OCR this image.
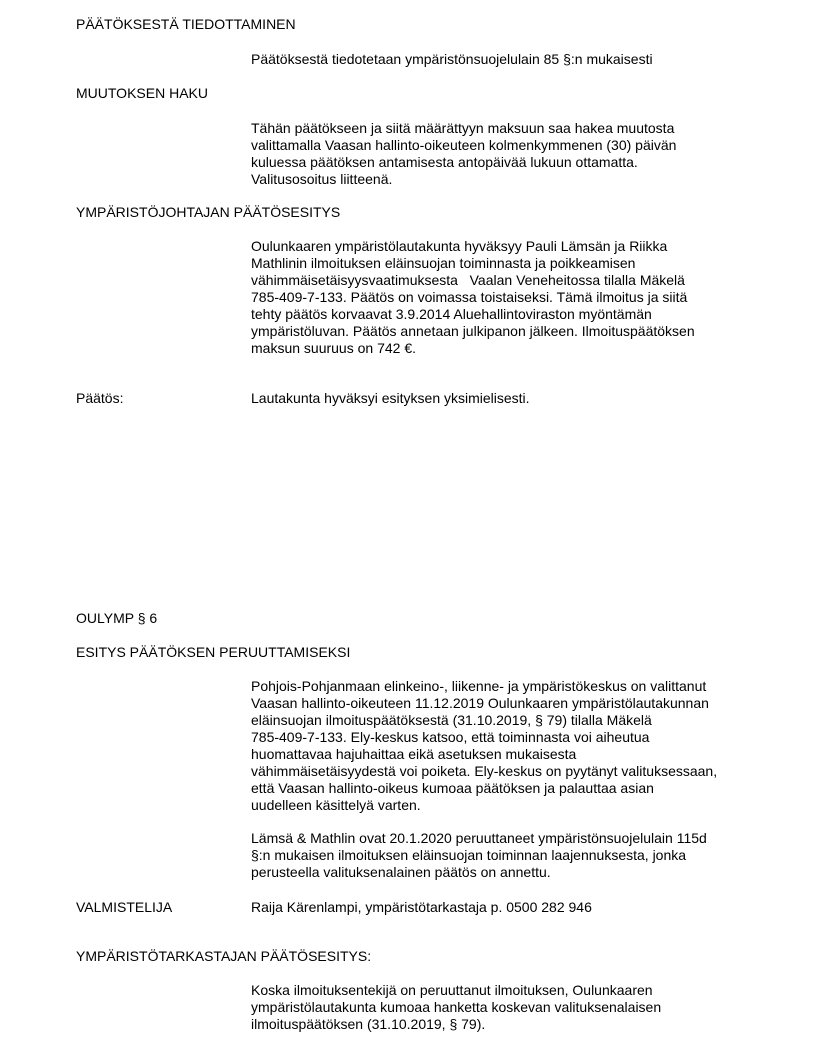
PÄÄTÖKSESTÄ TIEDOTTAMINEN
Päätöksestä tiedotetaan ympäristönsuojelulain 85 §:n mukaisesti
MUUTOKSEN HAKU
Tähän päätökseen ja siitä määrättyyn maksuun saa hakea muutosta
valittamalla Vaasan hallinto-oikeuteen kolmenkymmenen (30) päivän
kuluessa päätöksen antamisesta antopäivää lukuun ottamatta.
Valitusosoitus liitteenä.
YMPÄRISTÖJOHTAJAN PÄÄTÖSESITYS
Oulunkaaren ympäristölautakunta hyväksyy Pauli Lämsän ja Riikka
Mathlinin ilmoituksen eläinsuojan toiminnasta ja poikkeamisen
vähimmäisetäisyysvaatimuksesta   Vaalan Veneheitossa tilalla Mäkelä
785-409-7-133. Päätös on voimassa toistaiseksi. Tämä ilmoitus ja siitä
tehty päätös korvaavat 3.9.2014 Aluehallintoviraston myöntämän
ympäristöluvan. Päätös annetaan julkipanon jälkeen. Ilmoituspäätöksen
maksun suuruus on 742 €.
Päätös:	Lautakunta hyväksyi esityksen yksimielisesti.
OULYMP § 6
ESITYS PÄÄTÖKSEN PERUUTTAMISEKSI
Pohjois-Pohjanmaan elinkeino-, liikenne- ja ympäristökeskus on valittanut
Vaasan hallinto-oikeuteen 11.12.2019 Oulunkaaren ympäristölautakunnan
eläinsuojan ilmoituspäätöksestä (31.10.2019, § 79) tilalla Mäkelä
785-409-7-133. Ely-keskus katsoo, että toiminnasta voi aiheutua
huomattavaa hajuhaittaa eikä asetuksen mukaisesta
vähimmäisetäisyydestä voi poiketa. Ely-keskus on pyytänyt valituksessaan,
että Vaasan hallinto-oikeus kumoaa päätöksen ja palauttaa asian
uudelleen käsittelyä varten.
Lämsä & Mathlin ovat 20.1.2020 peruuttaneet ympäristönsuojelulain 115d
§:n mukaisen ilmoituksen eläinsuojan toiminnan laajennuksesta, jonka
perusteella valituksenalainen päätös on annettu.
VALMISTELIJA	Raija Kärenlampi, ympäristötarkastaja p. 0500 282 946
YMPÄRISTÖTARKASTAJAN PÄÄTÖSESITYS:
Koska ilmoituksentekijä on peruuttanut ilmoituksen, Oulunkaaren
ympäristölautakunta kumoaa hanketta koskevan valituksenalaisen
ilmoituspäätöksen (31.10.2019, § 79).
